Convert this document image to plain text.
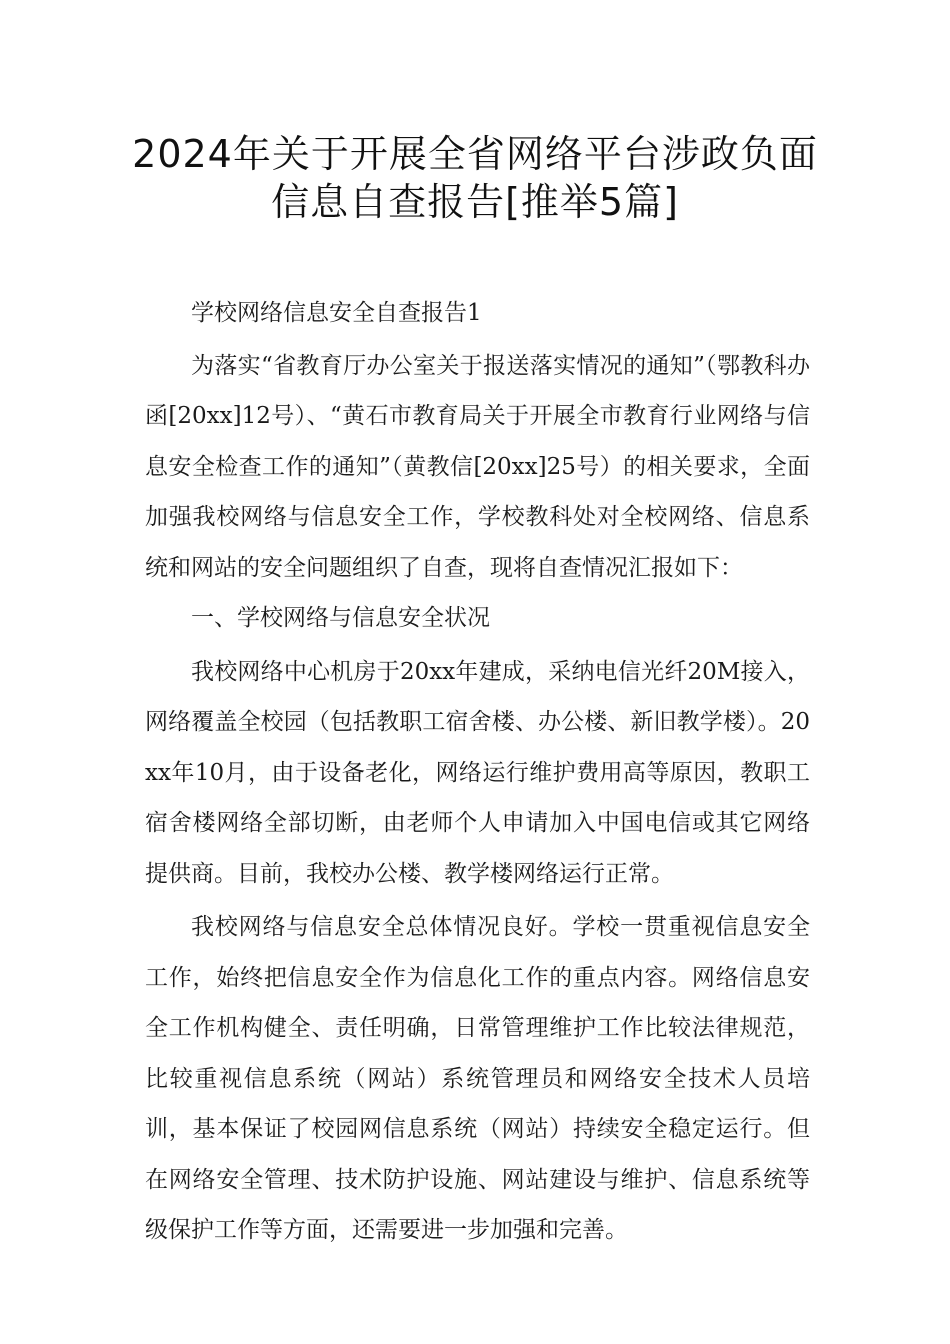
2024年关于开展全省网络平台涉政负面
信息自查报告[推举5篇]

学校网络信息安全自查报告1

为落实“省教育厅办公室关于报送落实情况的通知”（鄂教科办函[20xx]12号）、“黄石市教育局关于开展全市教育行业网络与信息安全检查工作的通知”（黄教信[20xx]25号）的相关要求，全面加强我校网络与信息安全工作，学校教科处对全校网络、信息系统和网站的安全问题组织了自查，现将自查情况汇报如下：

一、学校网络与信息安全状况

我校网络中心机房于20xx年建成，采纳电信光纤20M接入，网络覆盖全校园（包括教职工宿舍楼、办公楼、新旧教学楼）。20xx年10月，由于设备老化，网络运行维护费用高等原因，教职工宿舍楼网络全部切断，由老师个人申请加入中国电信或其它网络提供商。目前，我校办公楼、教学楼网络运行正常。

我校网络与信息安全总体情况良好。学校一贯重视信息安全工作，始终把信息安全作为信息化工作的重点内容。网络信息安全工作机构健全、责任明确，日常管理维护工作比较法律规范，比较重视信息系统（网站）系统管理员和网络安全技术人员培训，基本保证了校园网信息系统（网站）持续安全稳定运行。但在网络安全管理、技术防护设施、网站建设与维护、信息系统等级保护工作等方面，还需要进一步加强和完善。
